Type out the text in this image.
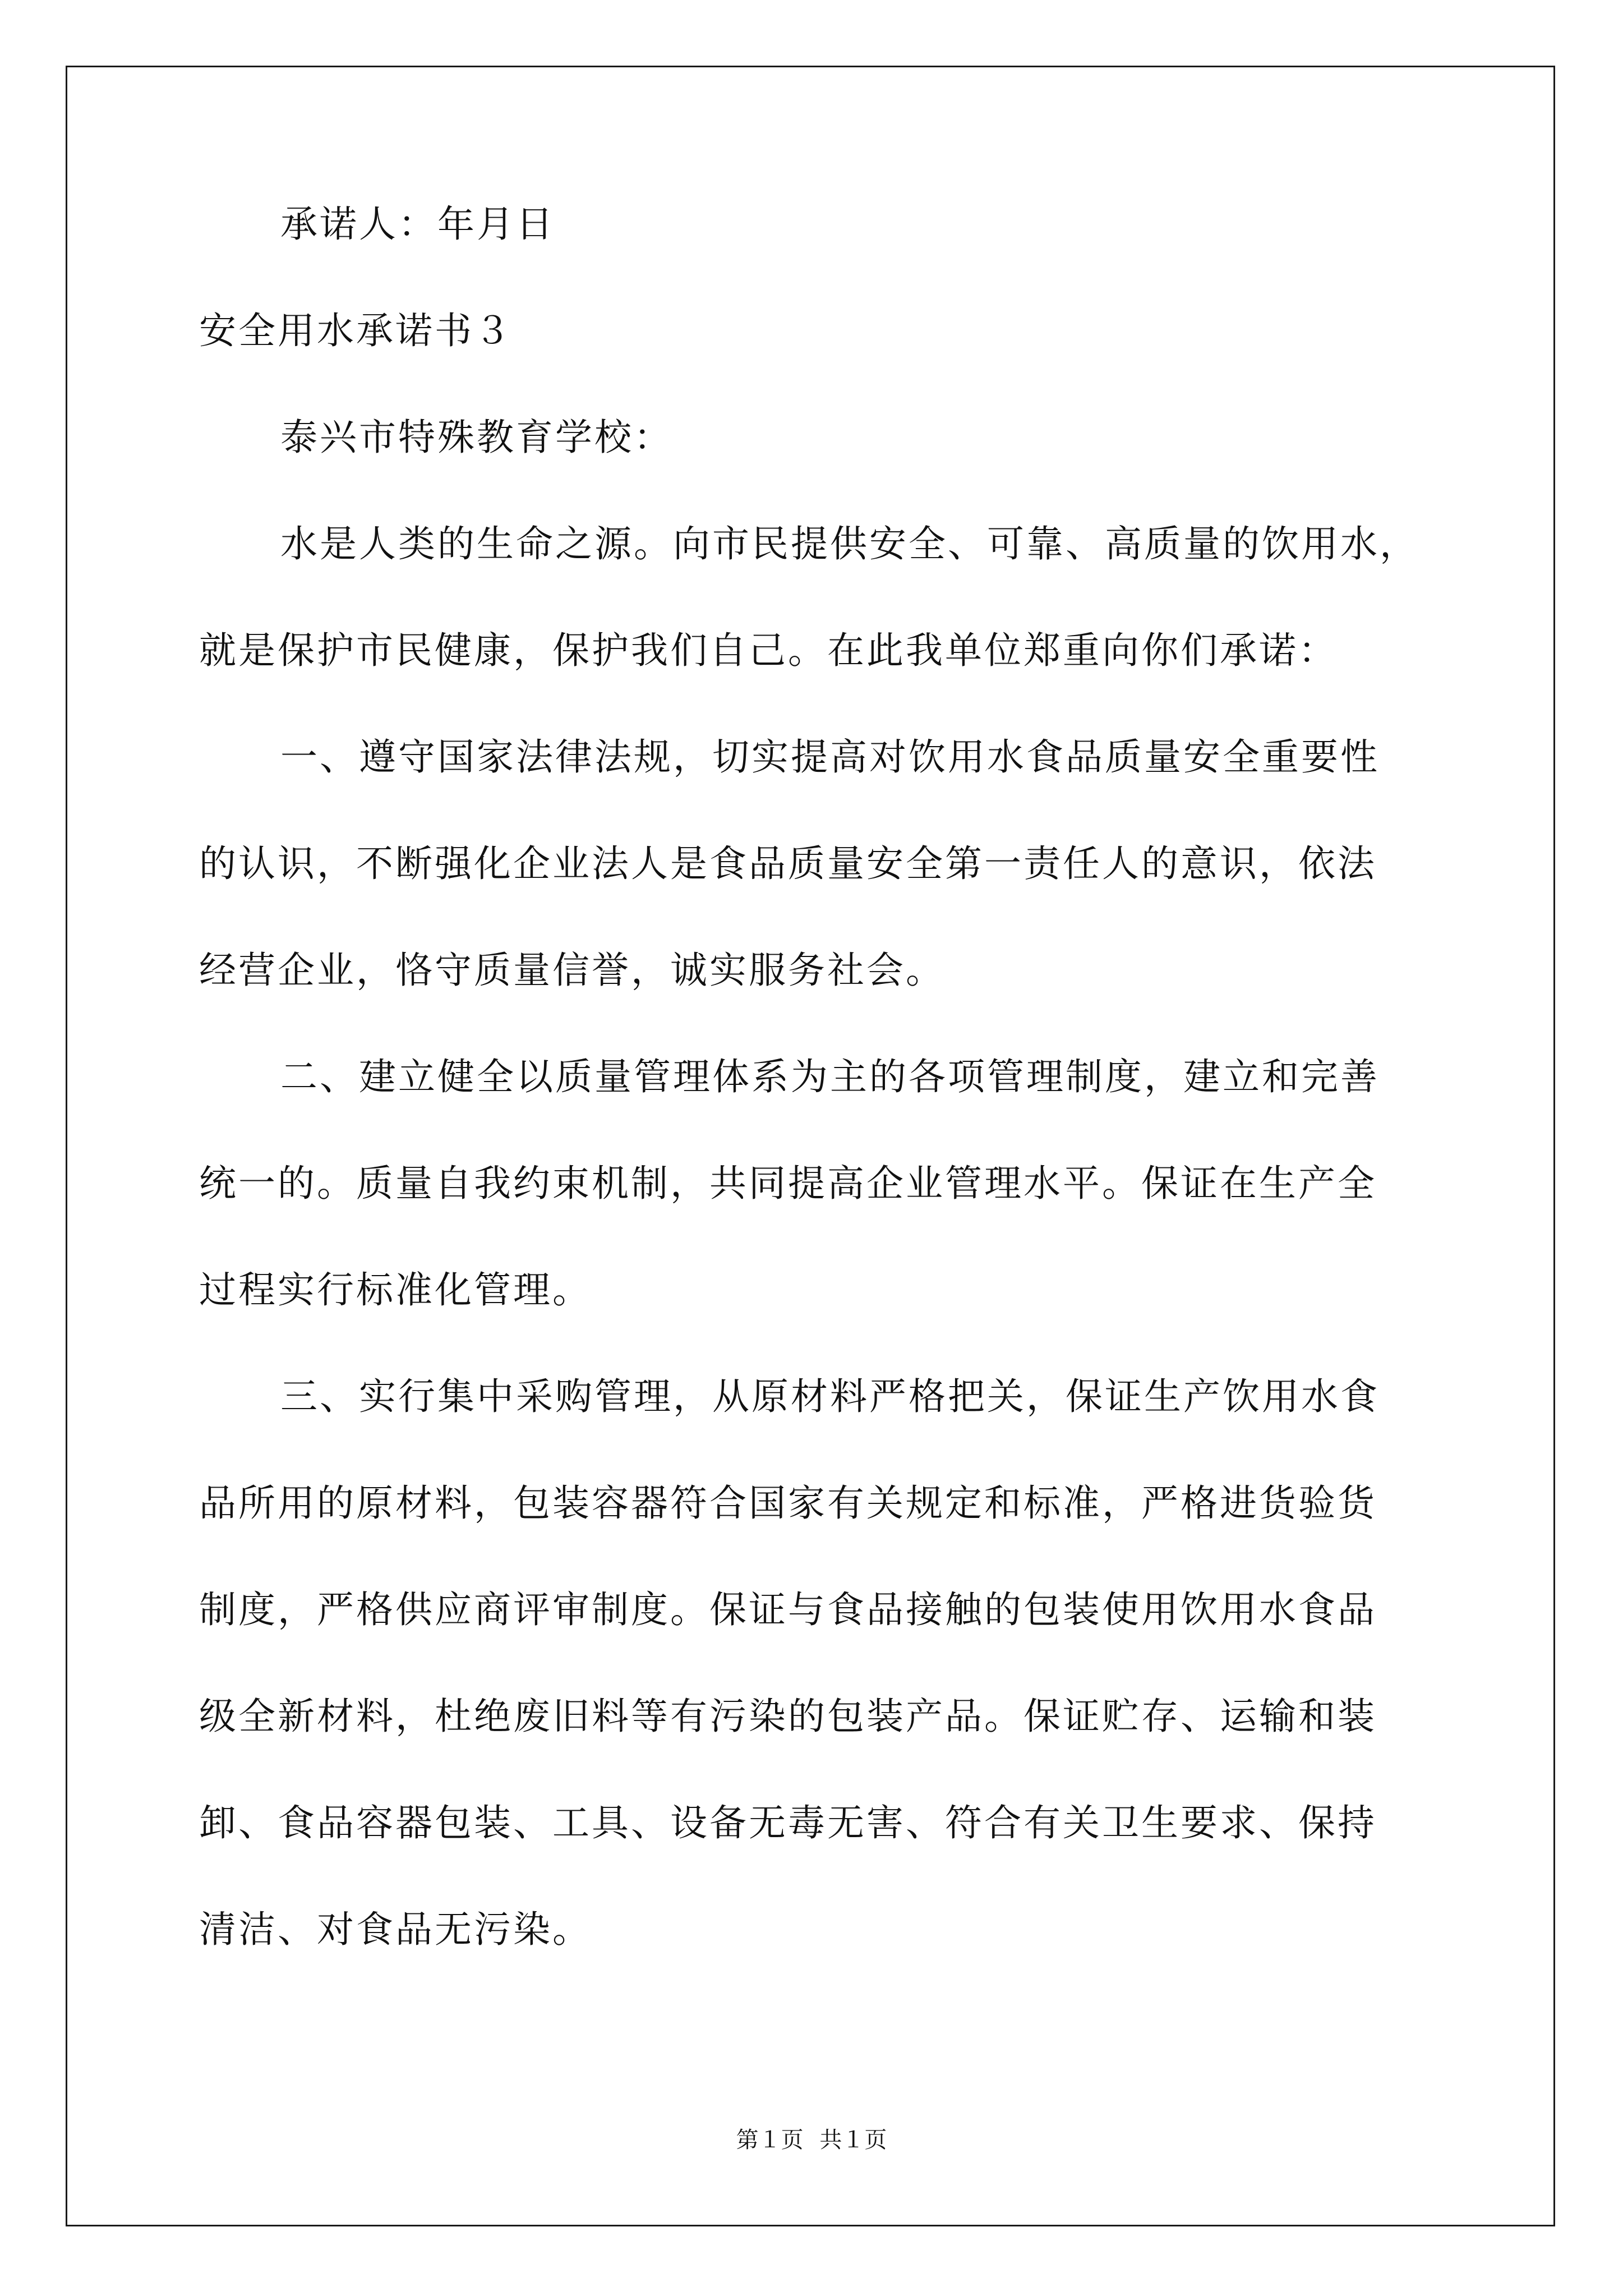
承诺人：年月日
安全用水承诺书３
泰兴市特殊教育学校：
水是人类的生命之源。向市民提供安全、可靠、高质量的饮用水，
就是保护市民健康，保护我们自己。在此我单位郑重向你们承诺：
一、遵守国家法律法规，切实提高对饮用水食品质量安全重要性
的认识，不断强化企业法人是食品质量安全第一责任人的意识，依法
经营企业，恪守质量信誉，诚实服务社会。
二、建立健全以质量管理体系为主的各项管理制度，建立和完善
统一的。质量自我约束机制，共同提高企业管理水平。保证在生产全
过程实行标准化管理。
三、实行集中采购管理，从原材料严格把关，保证生产饮用水食
品所用的原材料，包装容器符合国家有关规定和标准，严格进货验货
制度，严格供应商评审制度。保证与食品接触的包装使用饮用水食品
级全新材料，杜绝废旧料等有污染的包装产品。保证贮存、运输和装
卸、食品容器包装、工具、设备无毒无害、符合有关卫生要求、保持
清洁、对食品无污染。
第１页 共１页
